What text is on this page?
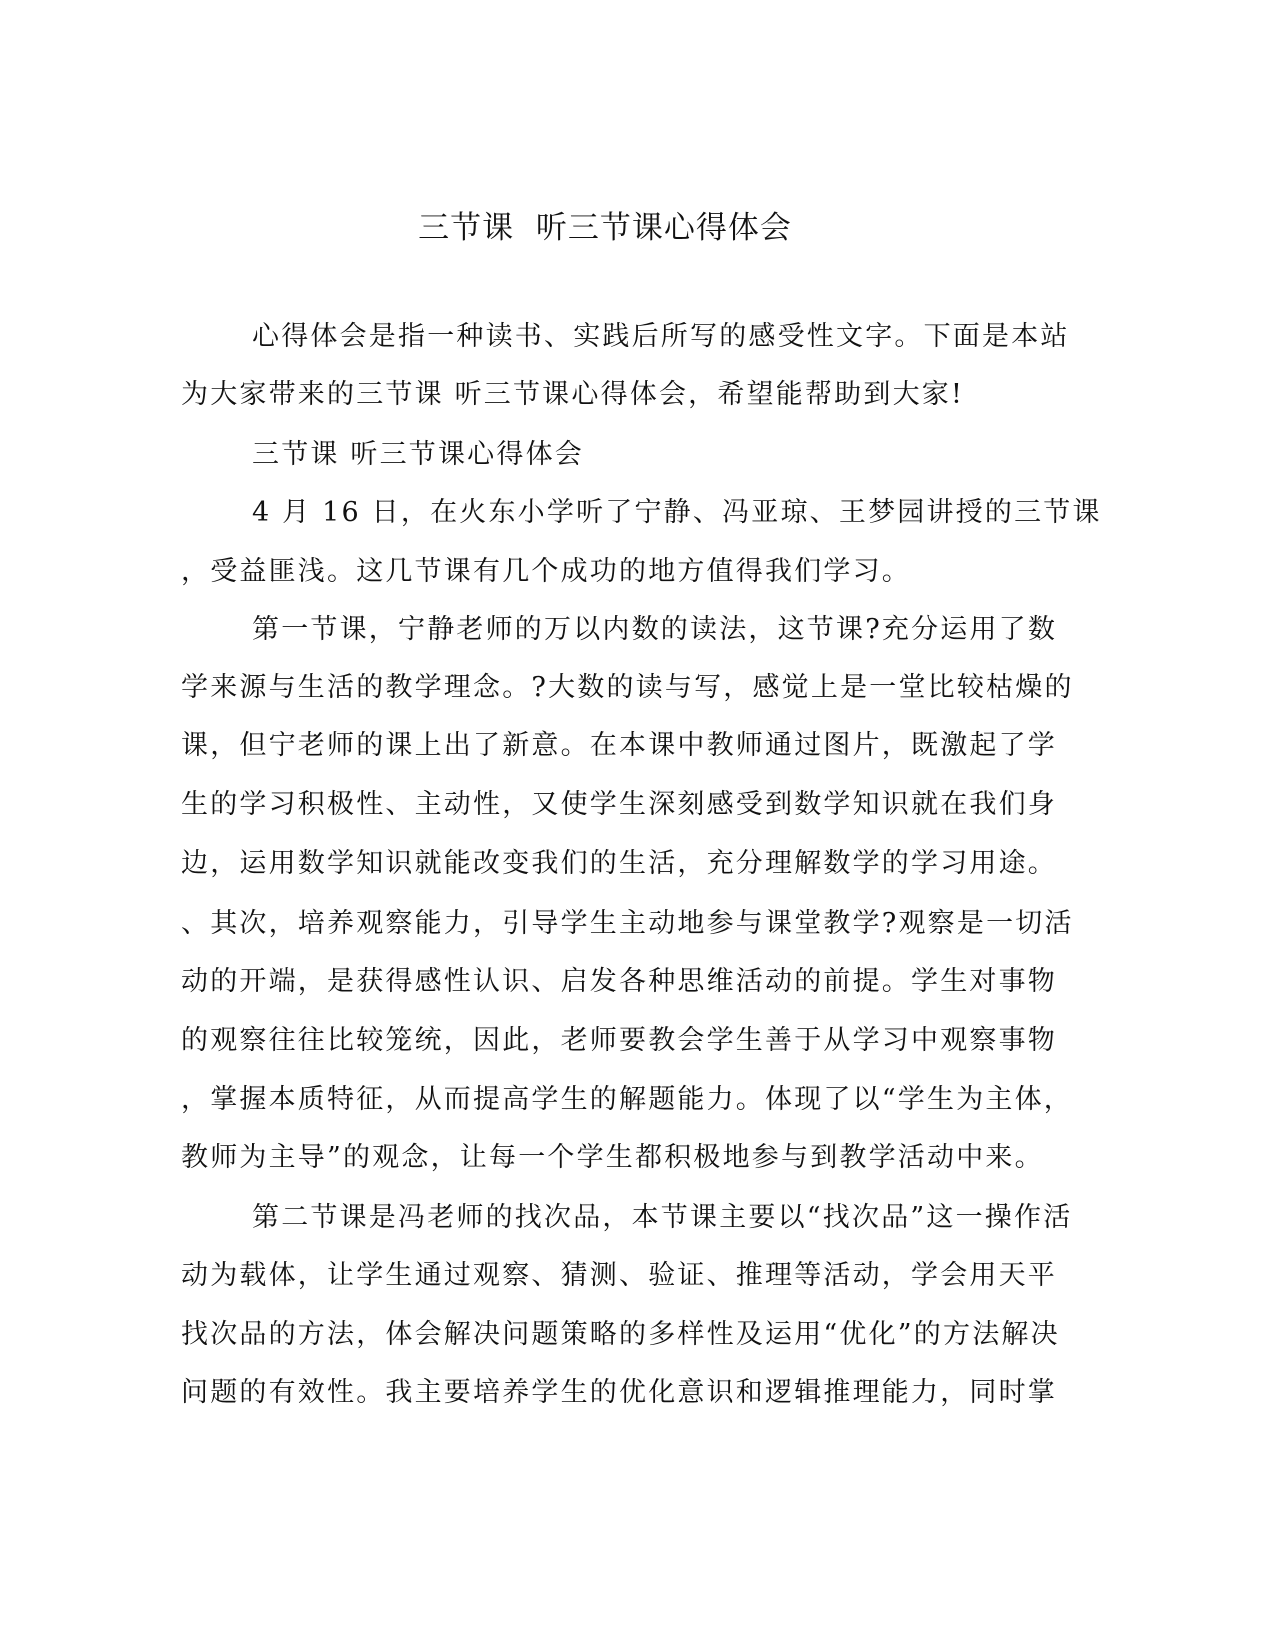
三节课  听三节课心得体会
心得体会是指一种读书、实践后所写的感受性文字。下面是本站
为大家带来的三节课 听三节课心得体会，希望能帮助到大家!
三节课 听三节课心得体会
4 月 16 日，在火东小学听了宁静、冯亚琼、王梦园讲授的三节课
，受益匪浅。这几节课有几个成功的地方值得我们学习。
第一节课，宁静老师的万以内数的读法，这节课?充分运用了数
学来源与生活的教学理念。?大数的读与写，感觉上是一堂比较枯燥的
课，但宁老师的课上出了新意。在本课中教师通过图片，既激起了学
生的学习积极性、主动性，又使学生深刻感受到数学知识就在我们身
边，运用数学知识就能改变我们的生活，充分理解数学的学习用途。
、其次，培养观察能力，引导学生主动地参与课堂教学?观察是一切活
动的开端，是获得感性认识、启发各种思维活动的前提。学生对事物
的观察往往比较笼统，因此，老师要教会学生善于从学习中观察事物
，掌握本质特征，从而提高学生的解题能力。体现了以“学生为主体，
教师为主导”的观念，让每一个学生都积极地参与到教学活动中来。
第二节课是冯老师的找次品，本节课主要以“找次品”这一操作活
动为载体，让学生通过观察、猜测、验证、推理等活动，学会用天平
找次品的方法，体会解决问题策略的多样性及运用“优化”的方法解决
问题的有效性。我主要培养学生的优化意识和逻辑推理能力，同时掌
